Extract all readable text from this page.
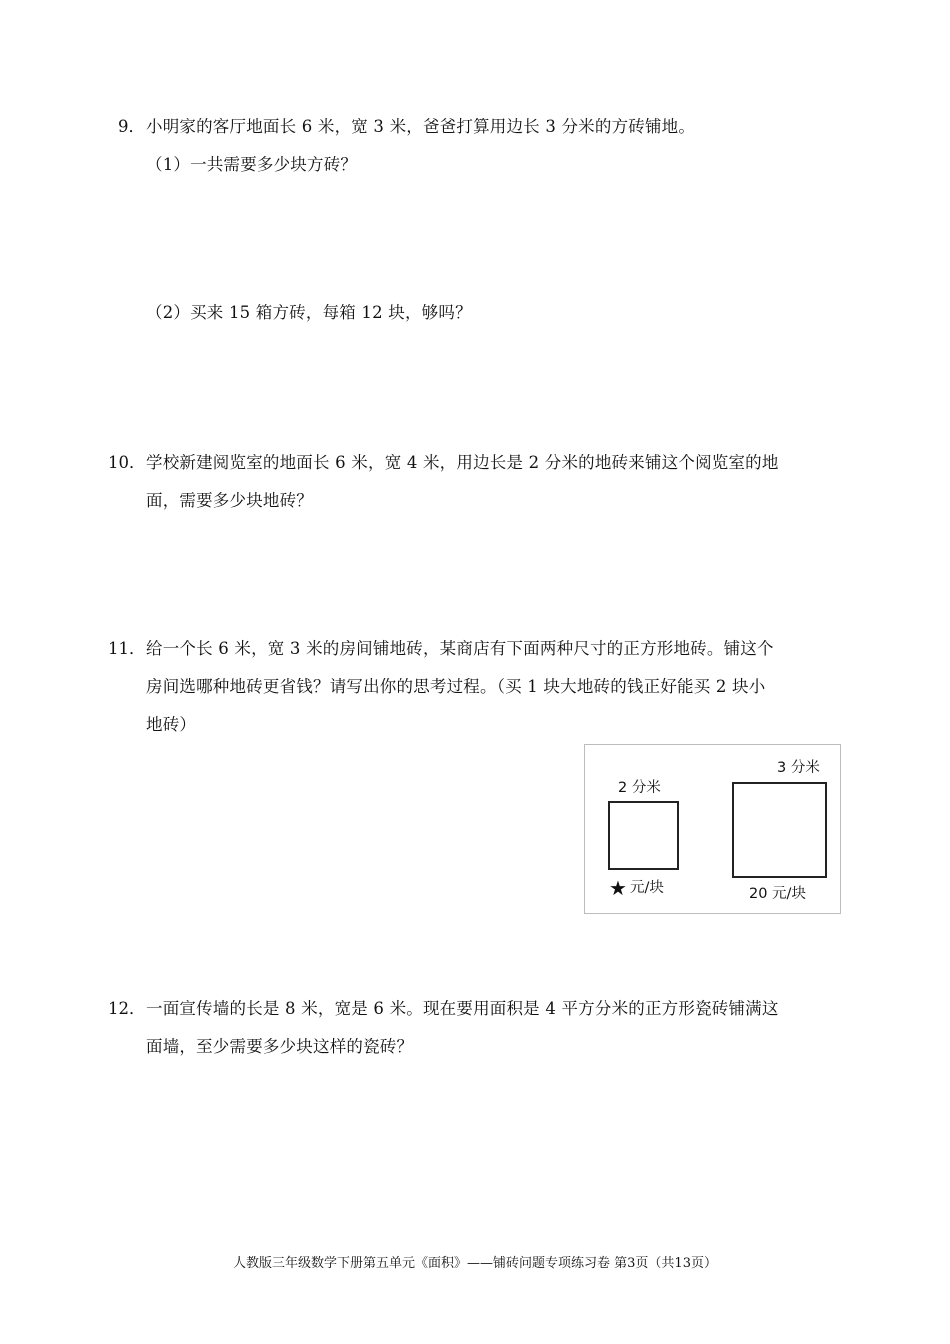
9． 小明家的客厅地面长 6 米，宽 3 米，爸爸打算用边长 3 分米的方砖铺地。
（1）一共需要多少块方砖？
（2）买来 15 箱方砖，每箱 12 块，够吗？
10． 学校新建阅览室的地面长 6 米，宽 4 米，用边长是 2 分米的地砖来铺这个阅览室的地
面，需要多少块地砖？
11． 给一个长 6 米，宽 3 米的房间铺地砖，某商店有下面两种尺寸的正方形地砖。铺这个
房间选哪种地砖更省钱？请写出你的思考过程。（买 1 块大地砖的钱正好能买 2 块小
地砖）
2 分米
★ 元/块
3 分米
20 元/块
12． 一面宣传墙的长是 8 米，宽是 6 米。现在要用面积是 4 平方分米的正方形瓷砖铺满这
面墙，至少需要多少块这样的瓷砖？
人教版三年级数学下册第五单元《面积》——铺砖问题专项练习卷 第3页（共13页）
